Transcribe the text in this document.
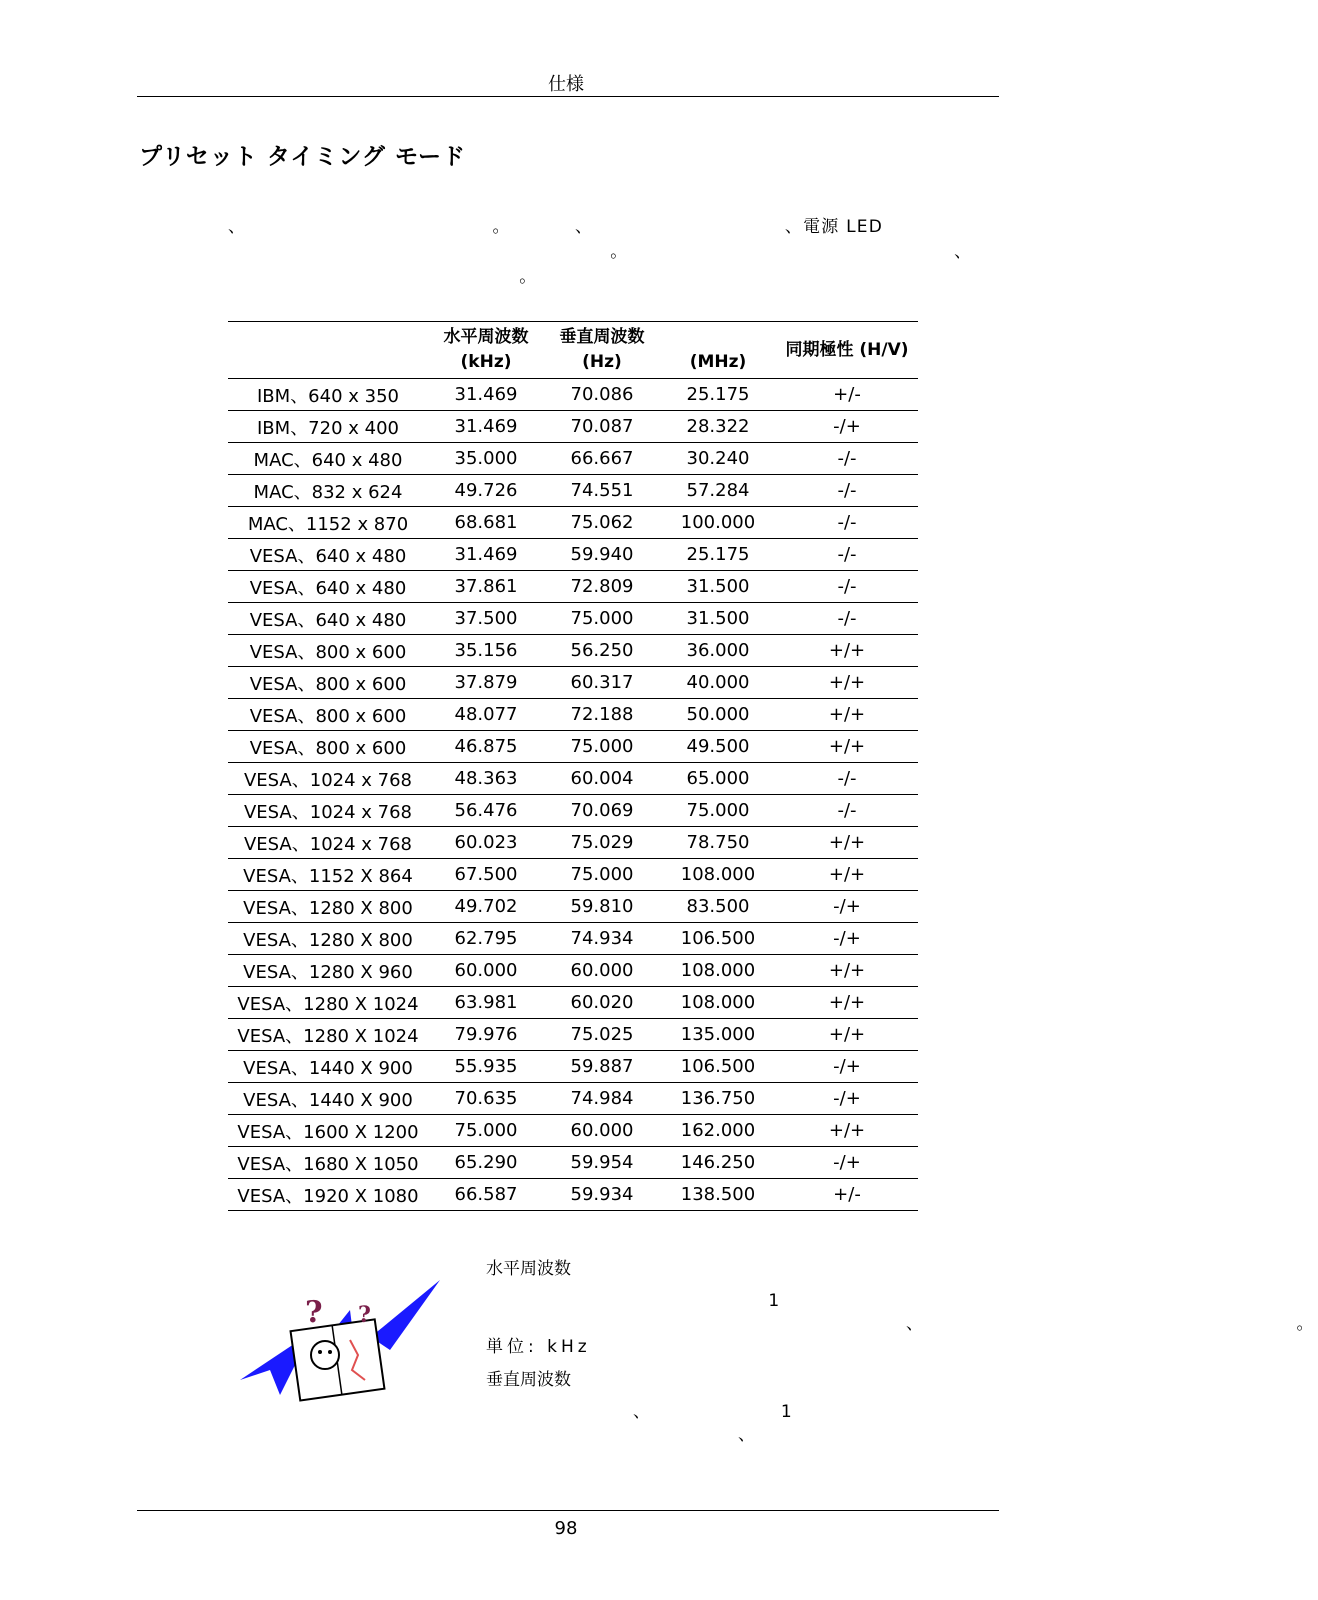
仕様
プリセット タイミング モード

、　　　　　　　　　　　　　　。　　　　、　　　　　　　　　　　、電源 LED 　　　　　

　　　　　　　　　　　　　　　　　　　　　。　　　 　　　　　　　　　　　　　　　、

　　　　　　　　　　　　　　　　。

　　　　　	水平周波数 (kHz)	垂直周波数 (Hz)	　　　　　 　　　 (MHz)	同期極性 (H/V)
IBM、640 x 350	31.469	70.086	25.175	+/-
IBM、720 x 400	31.469	70.087	28.322	-/+
MAC、640 x 480	35.000	66.667	30.240	-/-
MAC、832 x 624	49.726	74.551	57.284	-/-
MAC、1152 x 870	68.681	75.062	100.000	-/-
VESA、640 x 480	31.469	59.940	25.175	-/-
VESA、640 x 480	37.861	72.809	31.500	-/-
VESA、640 x 480	37.500	75.000	31.500	-/-
VESA、800 x 600	35.156	56.250	36.000	+/+
VESA、800 x 600	37.879	60.317	40.000	+/+
VESA、800 x 600	48.077	72.188	50.000	+/+
VESA、800 x 600	46.875	75.000	49.500	+/+
VESA、1024 x 768	48.363	60.004	65.000	-/-
VESA、1024 x 768	56.476	70.069	75.000	-/-
VESA、1024 x 768	60.023	75.029	78.750	+/+
VESA、1152 X 864	67.500	75.000	108.000	+/+
VESA、1280 X 800	49.702	59.810	83.500	-/+
VESA、1280 X 800	62.795	74.934	106.500	-/+
VESA、1280 X 960	60.000	60.000	108.000	+/+
VESA、1280 X 1024	63.981	60.020	108.000	+/+
VESA、1280 X 1024	79.976	75.025	135.000	+/+
VESA、1440 X 900	55.935	59.887	106.500	-/+
VESA、1440 X 900	70.635	74.984	136.750	-/+
VESA、1600 X 1200	75.000	60.000	162.000	+/+
VESA、1680 X 1050	65.290	59.954	146.250	-/+
VESA、1920 X 1080	66.587	59.934	138.500	+/-
? ?

水平周波数

　　　　　　　　　　　　　 1 　　　　　　　　　　　　　　　　　　　　、　　　　　　　　　　　　　　　　　　。単位: kHz

垂直周波数

　　　　　　　、　　　　　　 1 　　　　　　　　　　　　、　　　　　　　　　　

98
